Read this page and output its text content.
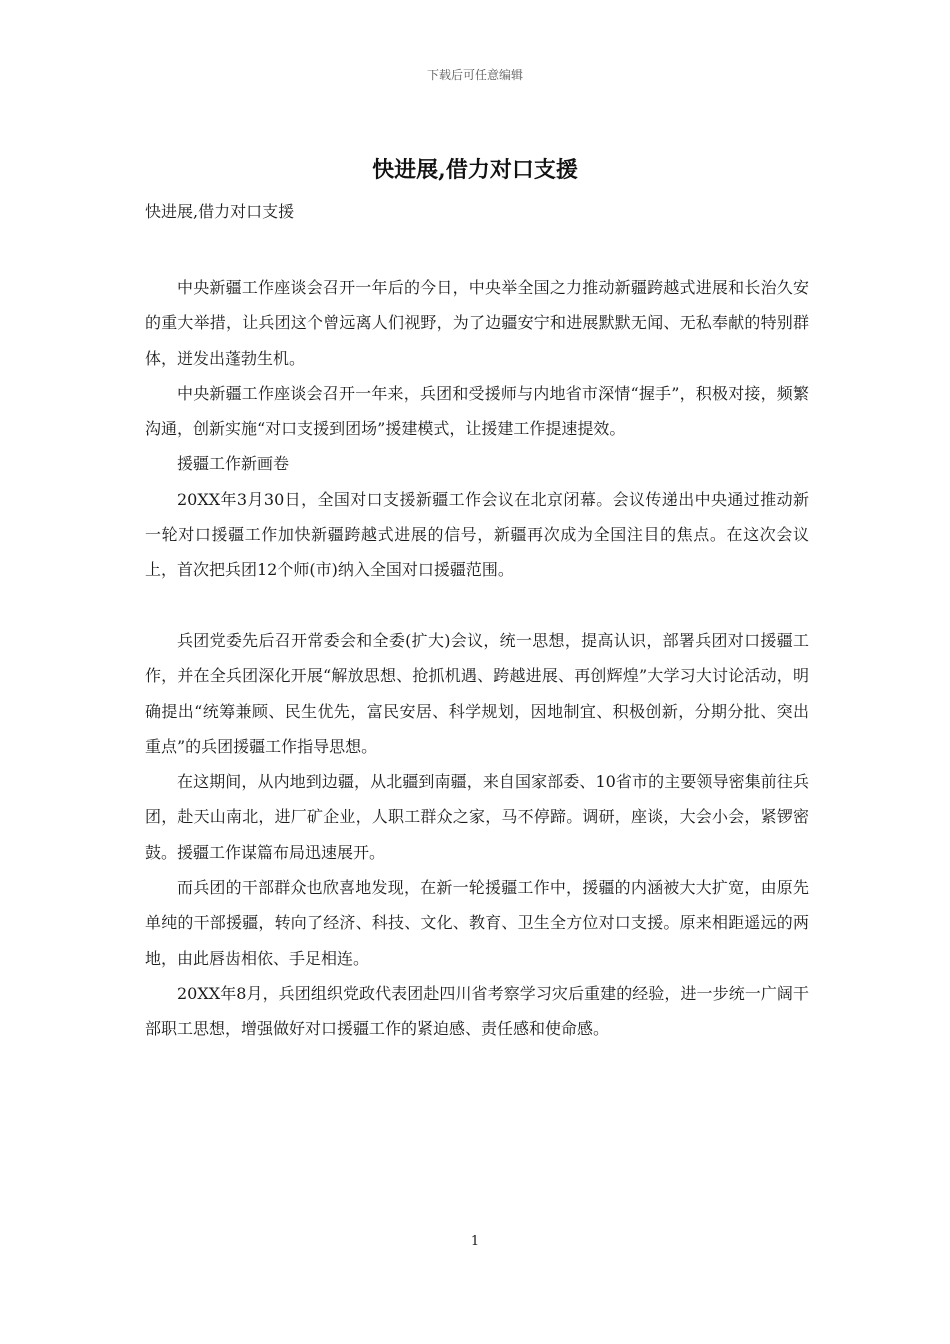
下载后可任意编辑
快进展,借力对口支援
快进展,借力对口支援

中央新疆工作座谈会召开一年后的今日，中央举全国之力推动新疆跨越式进展和长治久安的重大举措，让兵团这个曾远离人们视野，为了边疆安宁和进展默默无闻、无私奉献的特别群体，迸发出蓬勃生机。

中央新疆工作座谈会召开一年来，兵团和受援师与内地省市深情“握手”，积极对接，频繁沟通，创新实施“对口支援到团场”援建模式，让援建工作提速提效。

援疆工作新画卷

20XX年3月30日，全国对口支援新疆工作会议在北京闭幕。会议传递出中央通过推动新一轮对口援疆工作加快新疆跨越式进展的信号，新疆再次成为全国注目的焦点。在这次会议上，首次把兵团12个师(市)纳入全国对口援疆范围。

兵团党委先后召开常委会和全委(扩大)会议，统一思想，提高认识，部署兵团对口援疆工作，并在全兵团深化开展“解放思想、抢抓机遇、跨越进展、再创辉煌”大学习大讨论活动，明确提出“统筹兼顾、民生优先，富民安居、科学规划，因地制宜、积极创新，分期分批、突出重点”的兵团援疆工作指导思想。

在这期间，从内地到边疆，从北疆到南疆，来自国家部委、10省市的主要领导密集前往兵团，赴天山南北，进厂矿企业，人职工群众之家，马不停蹄。调研，座谈，大会小会，紧锣密鼓。援疆工作谋篇布局迅速展开。

而兵团的干部群众也欣喜地发现，在新一轮援疆工作中，援疆的内涵被大大扩宽，由原先单纯的干部援疆，转向了经济、科技、文化、教育、卫生全方位对口支援。原来相距遥远的两地，由此唇齿相依、手足相连。

20XX年8月，兵团组织党政代表团赴四川省考察学习灾后重建的经验，进一步统一广阔干部职工思想，增强做好对口援疆工作的紧迫感、责任感和使命感。

1
